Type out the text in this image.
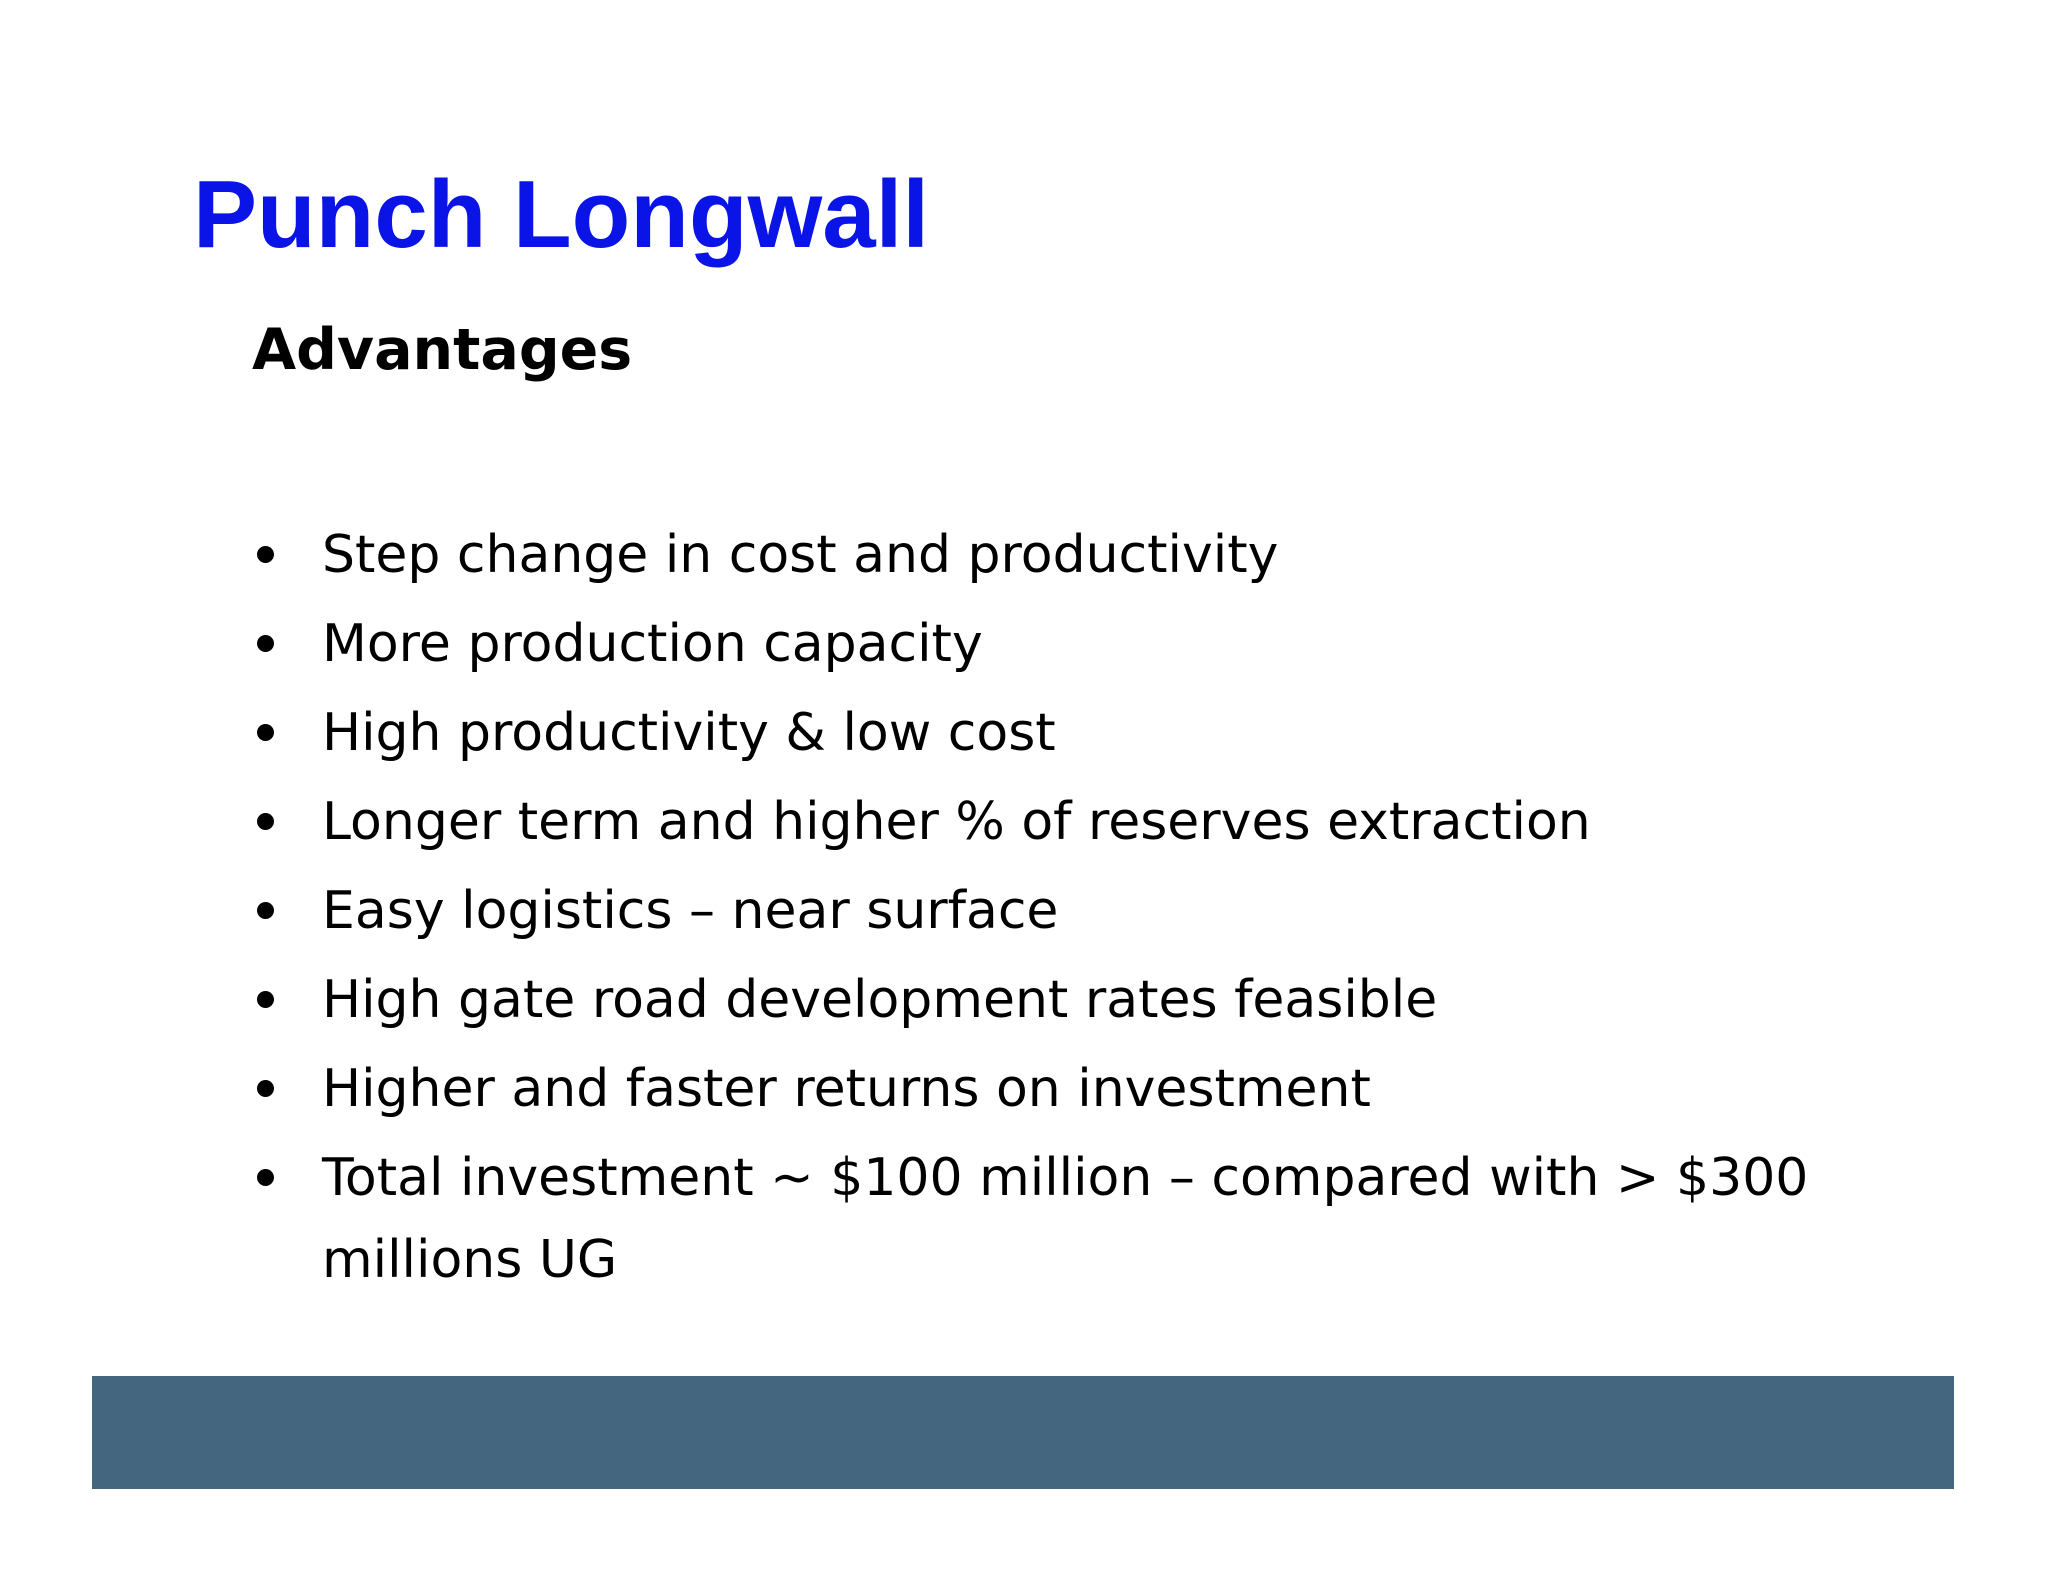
Punch Longwall
Advantages
Step change in cost and productivity
More production capacity
High productivity & low cost
Longer term and higher % of reserves extraction
Easy logistics – near surface
High gate road development rates feasible
Higher and faster returns on investment
Total investment ~ $100 million – compared with > $300 millions UG
